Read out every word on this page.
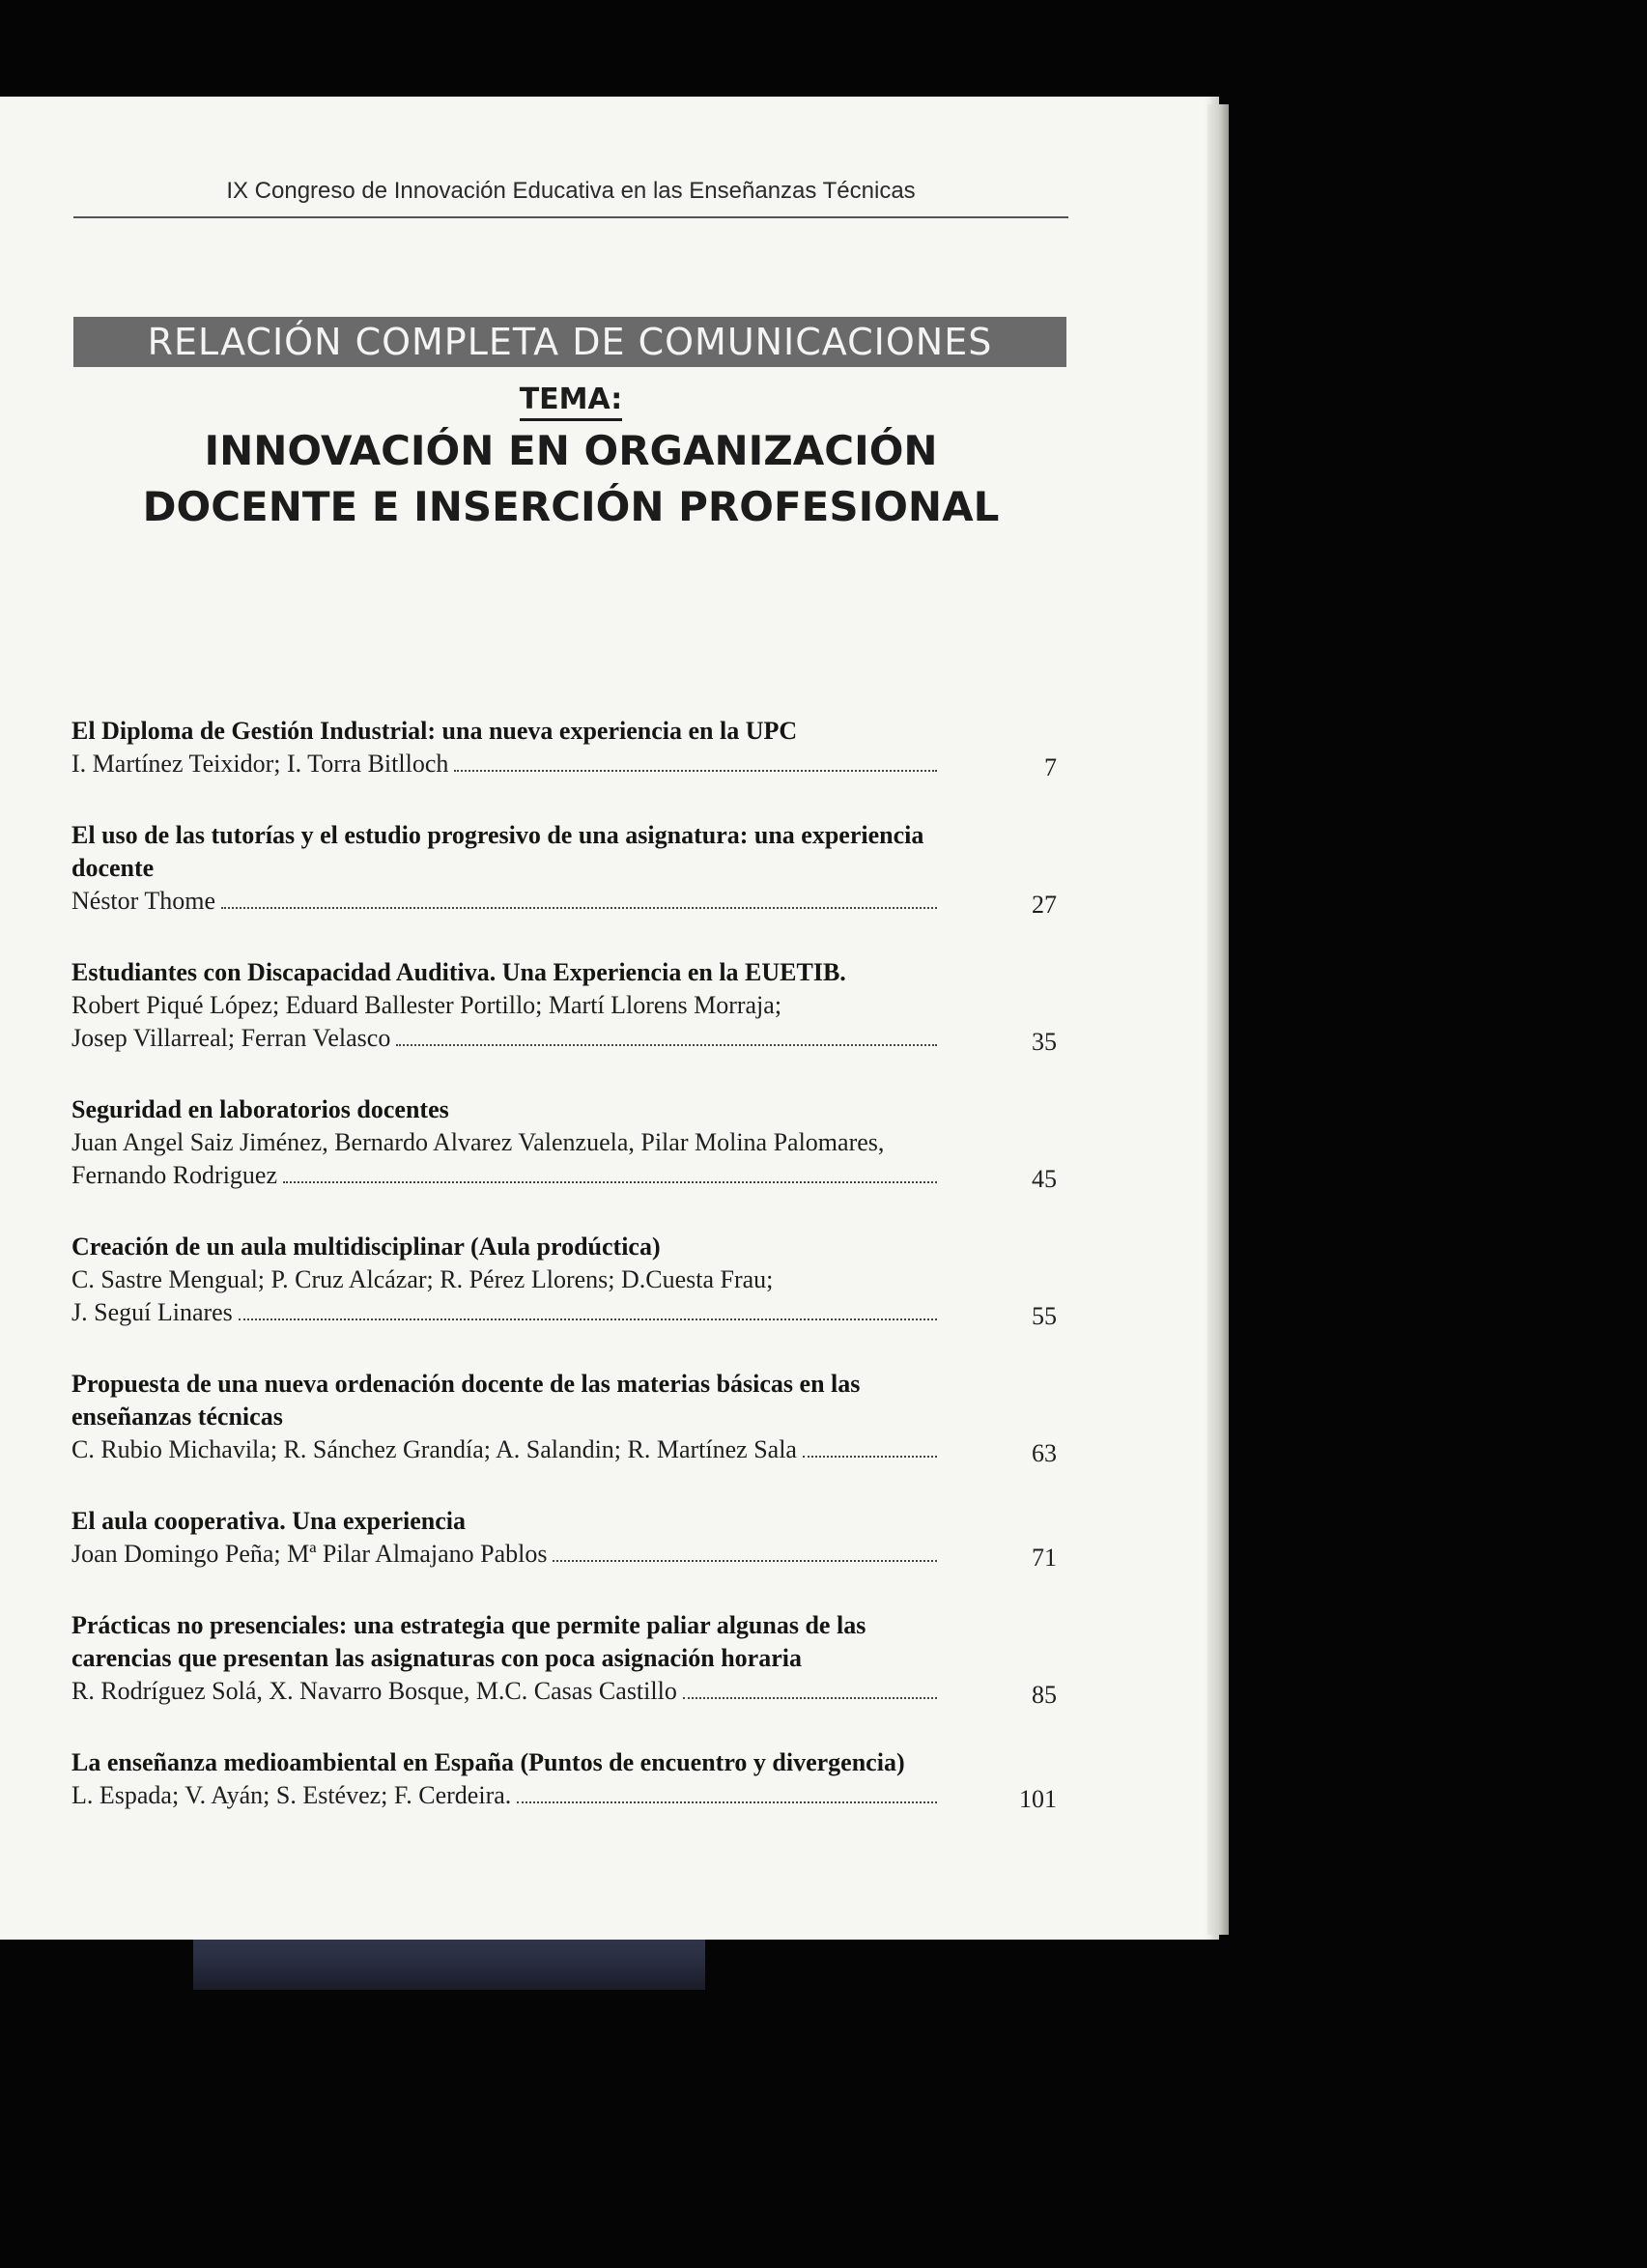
IX Congreso de Innovación Educativa en las Enseñanzas Técnicas
RELACIÓN COMPLETA DE COMUNICACIONES
TEMA:
INNOVACIÓN EN ORGANIZACIÓN
DOCENTE E INSERCIÓN PROFESIONAL
El Diploma de Gestión Industrial: una nueva experiencia en la UPC
I. Martínez Teixidor; I. Torra Bitlloch	7
El uso de las tutorías y el estudio progresivo de una asignatura: una experiencia docente
Néstor Thome	27
Estudiantes con Discapacidad Auditiva. Una Experiencia en la EUETIB.
Robert Piqué López; Eduard Ballester Portillo; Martí Llorens Morraja;
Josep Villarreal; Ferran Velasco	35
Seguridad en laboratorios docentes
Juan Angel Saiz Jiménez, Bernardo Alvarez Valenzuela, Pilar Molina Palomares,
Fernando Rodriguez	45
Creación de un aula multidisciplinar (Aula prodúctica)
C. Sastre Mengual; P. Cruz Alcázar; R. Pérez Llorens; D.Cuesta Frau;
J. Seguí Linares	55
Propuesta de una nueva ordenación docente de las materias básicas en las enseñanzas técnicas
C. Rubio Michavila; R. Sánchez Grandía; A. Salandin; R. Martínez Sala	63
El aula cooperativa. Una experiencia
Joan Domingo Peña; Mª Pilar Almajano Pablos	71
Prácticas no presenciales: una estrategia que permite paliar algunas de las carencias que presentan las asignaturas con poca asignación horaria
R. Rodríguez Solá, X. Navarro Bosque, M.C. Casas Castillo	85
La enseñanza medioambiental en España (Puntos de encuentro y divergencia)
L. Espada; V. Ayán; S. Estévez; F. Cerdeira.	101
